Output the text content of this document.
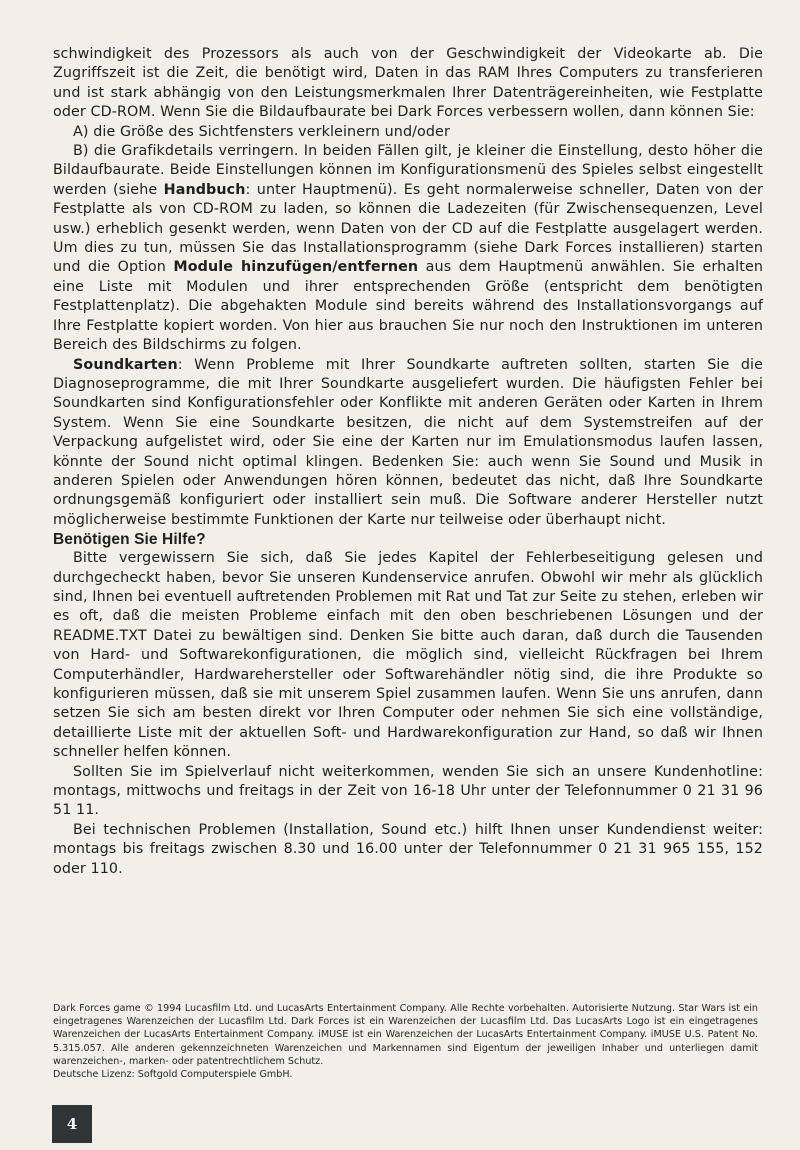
schwindigkeit des Prozessors als auch von der Geschwindigkeit der Videokarte ab. Die Zugriffszeit ist die Zeit, die benötigt wird, Daten in das RAM Ihres Computers zu transferieren und ist stark abhängig von den Leistungsmerkmalen Ihrer Datenträgereinheiten, wie Festplatte oder CD-ROM. Wenn Sie die Bildaufbaurate bei Dark Forces verbessern wollen, dann können Sie:

A) die Größe des Sichtfensters verkleinern und/oder

B) die Grafikdetails verringern. In beiden Fällen gilt, je kleiner die Einstellung, desto höher die Bildaufbaurate. Beide Einstellungen können im Konfigurationsmenü des Spieles selbst eingestellt werden (siehe Handbuch: unter Hauptmenü). Es geht normalerweise schneller, Daten von der Festplatte als von CD-ROM zu laden, so können die Ladezeiten (für Zwischensequenzen, Level usw.) erheblich gesenkt werden, wenn Daten von der CD auf die Festplatte ausgelagert werden. Um dies zu tun, müssen Sie das Installationsprogramm (siehe Dark Forces installieren) starten und die Option Module hinzufügen/entfernen aus dem Hauptmenü anwählen. Sie erhalten eine Liste mit Modulen und ihrer entsprechenden Größe (entspricht dem benötigten Festplattenplatz). Die abgehakten Module sind bereits während des Installationsvorgangs auf Ihre Festplatte kopiert worden. Von hier aus brauchen Sie nur noch den Instruktionen im unteren Bereich des Bildschirms zu folgen.

Soundkarten: Wenn Probleme mit Ihrer Soundkarte auftreten sollten, starten Sie die Diagnoseprogramme, die mit Ihrer Soundkarte ausgeliefert wurden. Die häufigsten Fehler bei Soundkarten sind Konfigurationsfehler oder Konflikte mit anderen Geräten oder Karten in Ihrem System. Wenn Sie eine Soundkarte besitzen, die nicht auf dem Systemstreifen auf der Verpackung aufgelistet wird, oder Sie eine der Karten nur im Emulationsmodus laufen lassen, könnte der Sound nicht optimal klingen. Bedenken Sie: auch wenn Sie Sound und Musik in anderen Spielen oder Anwendungen hören können, bedeutet das nicht, daß Ihre Soundkarte ordnungsgemäß konfiguriert oder installiert sein muß. Die Software anderer Hersteller nutzt möglicherweise bestimmte Funktionen der Karte nur teilweise oder überhaupt nicht.

Benötigen Sie Hilfe?

Bitte vergewissern Sie sich, daß Sie jedes Kapitel der Fehlerbeseitigung gelesen und durchgecheckt haben, bevor Sie unseren Kundenservice anrufen. Obwohl wir mehr als glücklich sind, Ihnen bei eventuell auftretenden Problemen mit Rat und Tat zur Seite zu stehen, erleben wir es oft, daß die meisten Probleme einfach mit den oben beschriebenen Lösungen und der README.TXT Datei zu bewältigen sind. Denken Sie bitte auch daran, daß durch die Tausenden von Hard- und Softwarekonfigurationen, die möglich sind, vielleicht Rückfragen bei Ihrem Computerhändler, Hardwarehersteller oder Softwarehändler nötig sind, die ihre Produkte so konfigurieren müssen, daß sie mit unserem Spiel zusammen laufen. Wenn Sie uns anrufen, dann setzen Sie sich am besten direkt vor Ihren Computer oder nehmen Sie sich eine vollständige, detaillierte Liste mit der aktuellen Soft- und Hardwarekonfiguration zur Hand, so daß wir Ihnen schneller helfen können.

Sollten Sie im Spielverlauf nicht weiterkommen, wenden Sie sich an unsere Kundenhotline: montags, mittwochs und freitags in der Zeit von 16-18 Uhr unter der Telefonnummer 0 21 31 96 51 11.

Bei technischen Problemen (Installation, Sound etc.) hilft Ihnen unser Kundendienst weiter: montags bis freitags zwischen 8.30 und 16.00 unter der Telefonnummer 0 21 31 965 155, 152 oder 110.

Dark Forces game © 1994 Lucasfilm Ltd. und LucasArts Entertainment Company. Alle Rechte vorbehalten. Autorisierte Nutzung. Star Wars ist ein eingetragenes Warenzeichen der Lucasfilm Ltd. Dark Forces ist ein Warenzeichen der Lucasfilm Ltd. Das LucasArts Logo ist ein eingetragenes Warenzeichen der LucasArts Entertainment Company. iMUSE ist ein Warenzeichen der LucasArts Entertainment Company. iMUSE U.S. Patent No. 5.315.057. Alle anderen gekennzeichneten Warenzeichen und Markennamen sind Eigentum der jeweiligen Inhaber und unterliegen damit warenzeichen-, marken- oder patentrechtlichem Schutz.

Deutsche Lizenz: Softgold Computerspiele GmbH.

4
